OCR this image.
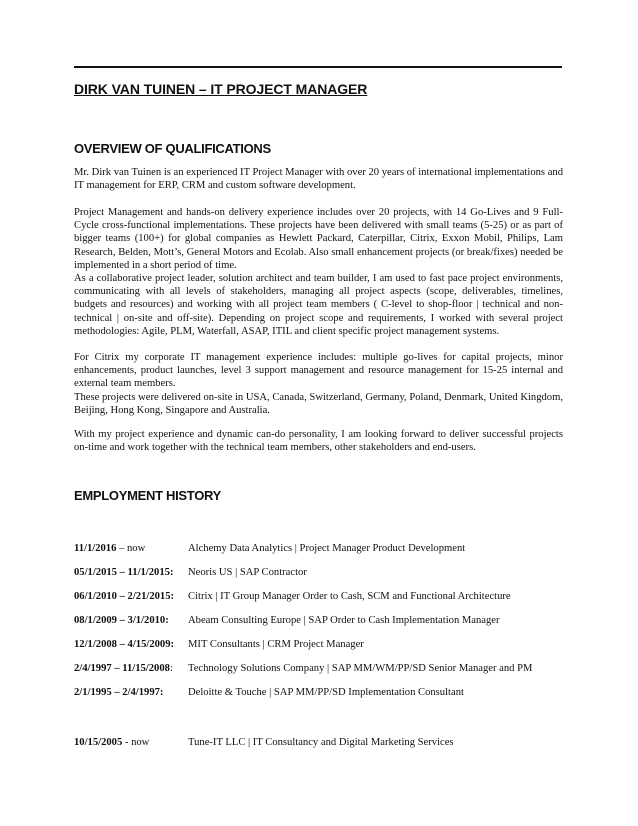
DIRK VAN TUINEN – IT PROJECT MANAGER
OVERVIEW OF QUALIFICATIONS

Mr. Dirk van Tuinen is an experienced IT Project Manager with over 20 years of international implementations and IT management for ERP, CRM and custom software development.

Project Management and hands-on delivery experience includes over 20 projects, with 14 Go-Lives and 9 Full-Cycle cross-functional implementations. These projects have been delivered with small teams (5-25) or as part of bigger teams (100+) for global companies as Hewlett Packard, Caterpillar, Citrix, Exxon Mobil, Philips, Lam Research, Belden, Mott’s, General Motors and Ecolab. Also small enhancement projects (or break/fixes) needed be implemented in a short period of time.

As a collaborative project leader, solution architect and team builder, I am used to fast pace project environments, communicating with all levels of stakeholders, managing all project aspects (scope, deliverables, timelines, budgets and resources) and working with all project team members ( C-level to shop-floor | technical and non-technical | on-site and off-site). Depending on project scope and requirements, I worked with several project methodologies: Agile, PLM, Waterfall, ASAP, ITIL and client specific project management systems.

For Citrix my corporate IT management experience includes: multiple go-lives for capital projects, minor enhancements, product launches, level 3 support management and resource management for 15-25 internal and external team members.

These projects were delivered on-site in USA, Canada, Switzerland, Germany, Poland, Denmark, United Kingdom, Beijing, Hong Kong, Singapore and Australia.

With my project experience and dynamic can-do personality, I am looking forward to deliver successful projects on-time and work together with the technical team members, other stakeholders and end-users.

EMPLOYMENT HISTORY
11/1/2016 – now	Alchemy Data Analytics | Project Manager Product Development
05/1/2015 – 11/1/2015: Neoris US | SAP Contractor
06/1/2010 – 2/21/2015: Citrix | IT Group Manager Order to Cash, SCM and Functional Architecture
08/1/2009 – 3/1/2010: Abeam Consulting Europe | SAP Order to Cash Implementation Manager
12/1/2008 – 4/15/2009: MIT Consultants | CRM Project Manager
2/4/1997 – 11/15/2008: Technology Solutions Company | SAP MM/WM/PP/SD Senior Manager and PM
2/1/1995 – 2/4/1997: Deloitte & Touche | SAP MM/PP/SD Implementation Consultant
10/15/2005 - now	Tune-IT LLC | IT Consultancy and Digital Marketing Services
